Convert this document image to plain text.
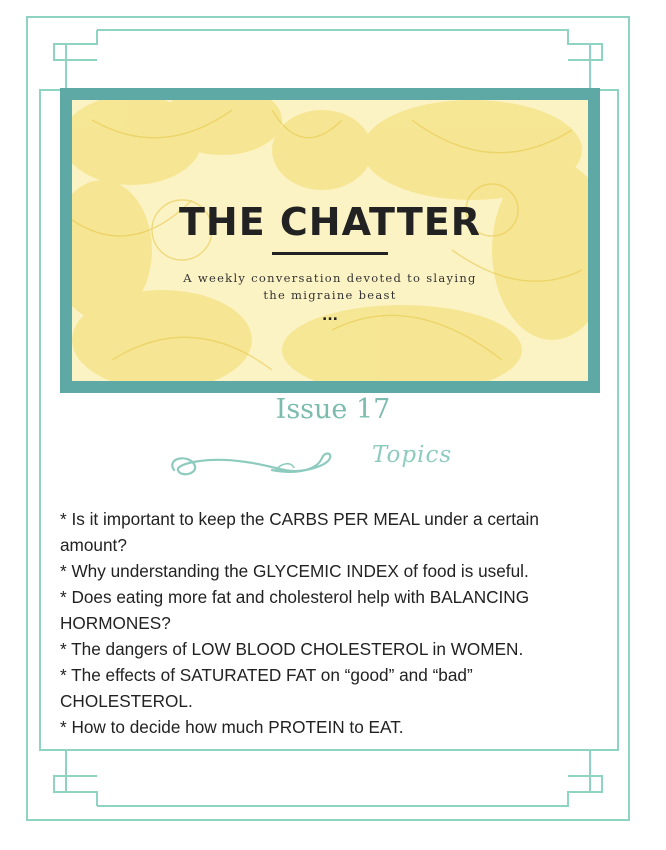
THE CHATTER
A weekly conversation devoted to slaying the migraine beast
...
Issue 17
Topics
* Is it important to keep the CARBS PER MEAL under a certain amount?
* Why understanding the GLYCEMIC INDEX of food is useful.
* Does eating more fat and cholesterol help with BALANCING HORMONES?
* The dangers of LOW BLOOD CHOLESTEROL in WOMEN.
* The effects of SATURATED FAT on “good” and “bad” CHOLESTEROL.
* How to decide how much PROTEIN to EAT.
